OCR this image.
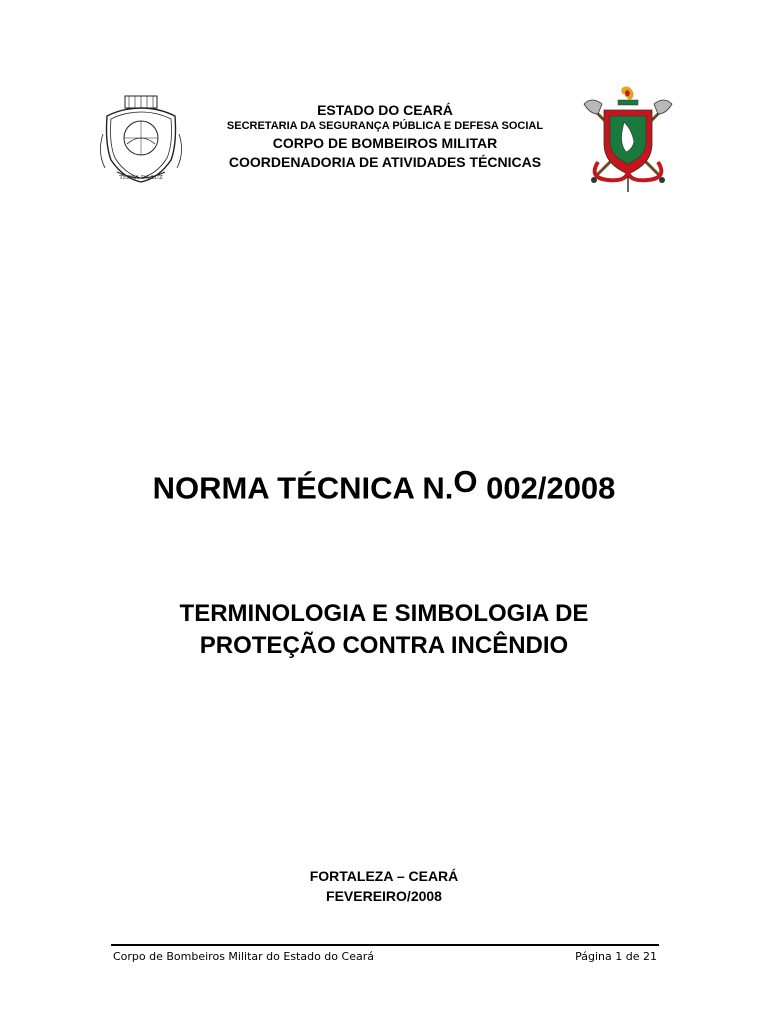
TERRA DA LUZ
ESTADO DO CEARÁ
SECRETARIA DA SEGURANÇA PÚBLICA E DEFESA SOCIAL
CORPO DE BOMBEIROS MILITAR
COORDENADORIA DE ATIVIDADES TÉCNICAS
NORMA TÉCNICA N.$^O$ 002/2008
TERMINOLOGIA E SIMBOLOGIA DE
PROTEÇÃO CONTRA INCÊNDIO
FORTALEZA – CEARÁ
FEVEREIRO/2008
Corpo de Bombeiros Militar do Estado do Ceará	Página 1 de 21
